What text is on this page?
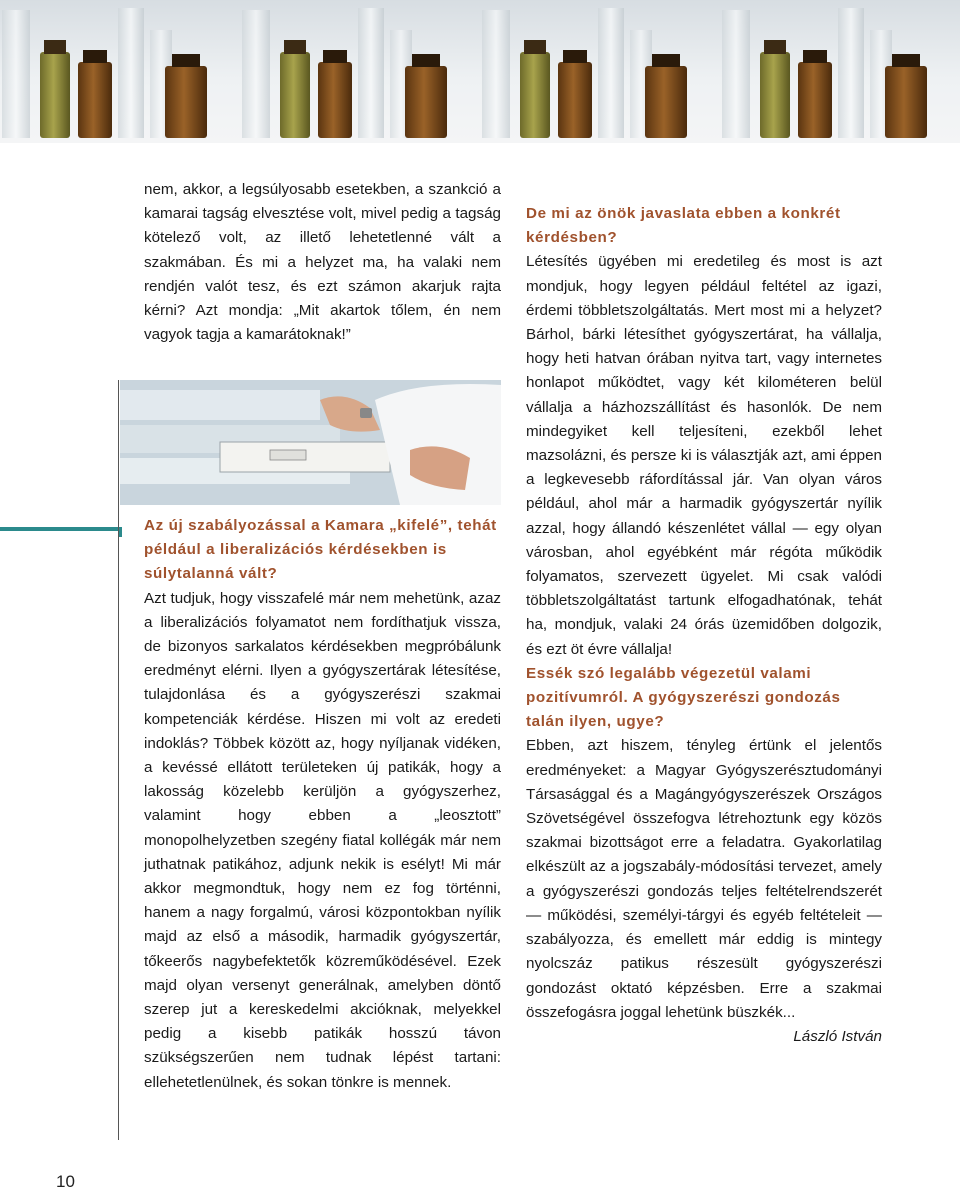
nem, akkor, a legsúlyosabb esetekben, a szankció a kamarai tagság elvesztése volt, mivel pedig a tagság kötelező volt, az illető lehetetlenné vált a szakmában. És mi a helyzet ma, ha valaki nem rendjén valót tesz, és ezt számon akarjuk rajta kérni? Azt mondja: „Mit akartok tőlem, én nem vagyok tagja a kamarátoknak!”

Az új szabályozással a Kamara „kifelé”, tehát például a liberalizációs kérdésekben is súlytalanná vált?

Azt tudjuk, hogy visszafelé már nem mehetünk, azaz a liberalizációs folyamatot nem fordíthatjuk vissza, de bizonyos sarkalatos kérdésekben megpróbálunk eredményt elérni. Ilyen a gyógyszertárak létesítése, tulajdonlása és a gyógyszerészi szakmai kompetenciák kérdése. Hiszen mi volt az eredeti indoklás? Többek között az, hogy nyíljanak vidéken, a kevéssé ellátott területeken új patikák, hogy a lakosság közelebb kerüljön a gyógyszerhez, valamint hogy ebben a „leosztott” monopolhelyzetben szegény fiatal kollégák már nem juthatnak patikához, adjunk nekik is esélyt! Mi már akkor megmondtuk, hogy nem ez fog történni, hanem a nagy forgalmú, városi központokban nyílik majd az első a második, harmadik gyógyszertár, tőkeerős nagybefektetők közreműködésével. Ezek majd olyan versenyt generálnak, amelyben döntő szerep jut a kereskedelmi akcióknak, melyekkel pedig a kisebb patikák hosszú távon szükségszerűen nem tudnak lépést tartani: ellehetetlenülnek, és sokan tönkre is mennek.

De mi az önök javaslata ebben a konkrét kérdésben?

Létesítés ügyében mi eredetileg és most is azt mondjuk, hogy legyen például feltétel az igazi, érdemi többletszolgáltatás. Mert most mi a helyzet? Bárhol, bárki létesíthet gyógyszertárat, ha vállalja, hogy heti hatvan órában nyitva tart, vagy internetes honlapot működtet, vagy két kilométeren belül vállalja a házhozszállítást és hasonlók. De nem mindegyiket kell teljesíteni, ezekből lehet mazsolázni, és persze ki is választják azt, ami éppen a legkevesebb ráfordítással jár. Van olyan város például, ahol már a harmadik gyógyszertár nyílik azzal, hogy állandó készenlétet vállal — egy olyan városban, ahol egyébként már régóta működik folyamatos, szervezett ügyelet. Mi csak valódi többletszolgáltatást tartunk elfogadhatónak, tehát ha, mondjuk, valaki 24 órás üzemidőben dolgozik, és ezt öt évre vállalja!

Essék szó legalább végezetül valami pozitívumról. A gyógyszerészi gondozás talán ilyen, ugye?

Ebben, azt hiszem, tényleg értünk el jelentős eredményeket: a Magyar Gyógyszerésztudományi Társasággal és a Magángyógyszerészek Országos Szövetségével összefogva létrehoztunk egy közös szakmai bizottságot erre a feladatra. Gyakorlatilag elkészült az a jogszabály-módosítási tervezet, amely a gyógyszerészi gondozás teljes feltételrendszerét — működési, személyi-tárgyi és egyéb feltételeit — szabályozza, és emellett már eddig is mintegy nyolcszáz patikus részesült gyógyszerészi gondozást oktató képzésben. Erre a szakmai összefogásra joggal lehetünk büszkék...

László István

10
